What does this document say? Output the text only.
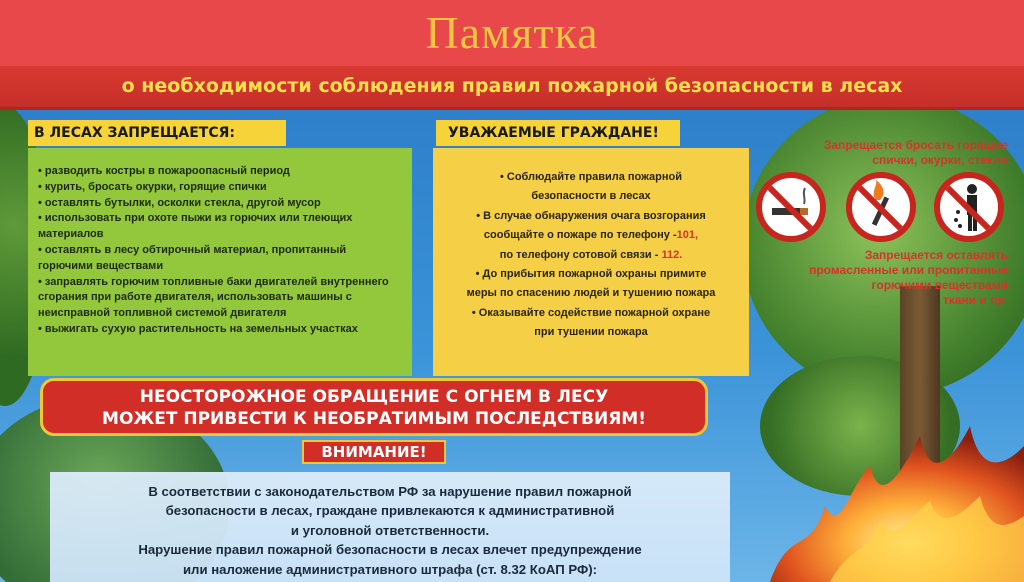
Памятка
о необходимости соблюдения правил пожарной безопасности в лесах
В ЛЕСАХ ЗАПРЕЩАЕТСЯ:
• разводить костры в пожароопасный период
• курить, бросать окурки, горящие спички
• оставлять бутылки, осколки стекла, другой мусор
• использовать при охоте пыжи из горючих или тлеющих материалов
• оставлять в лесу обтирочный материал, пропитанный горючими веществами
• заправлять горючим топливные баки двигателей внутреннего сгорания при работе двигателя, использовать машины с неисправной топливной системой двигателя
• выжигать сухую растительность на земельных участках
УВАЖАЕМЫЕ ГРАЖДАНЕ!

• Соблюдайте правила пожарной

безопасности в лесах

• В случае обнаружения очага возгорания

сообщайте о пожаре по телефону -101,

по телефону сотовой связи - 112.

• До прибытия пожарной охраны примите

меры по спасению людей и тушению пожара

• Оказывайте содействие пожарной охране

при тушении пожара

Запрещается бросать горящие
спички, окурки, стекло
Запрещается оставлять
промасленные или пропитанные
горючими веществами
ткани и пр.
НЕОСТОРОЖНОЕ ОБРАЩЕНИЕ С ОГНЕМ В ЛЕСУ
МОЖЕТ ПРИВЕСТИ К НЕОБРАТИМЫМ ПОСЛЕДСТВИЯМ!
ВНИМАНИЕ!

В соответствии с законодательством РФ за нарушение правил пожарной

безопасности в лесах, граждане привлекаются к административной

и уголовной ответственности.

Нарушение правил пожарной безопасности в лесах влечет предупреждение

или наложение административного штрафа (ст. 8.32 КоАП РФ):
